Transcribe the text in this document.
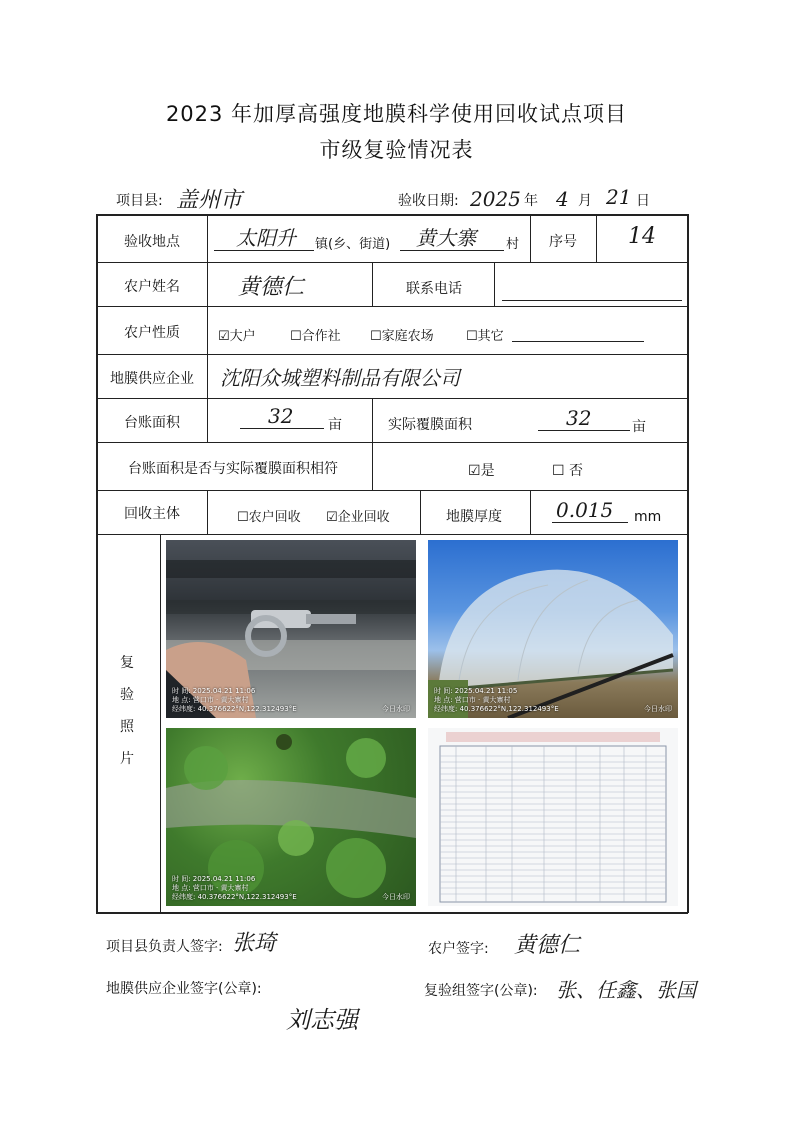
2023 年加厚高强度地膜科学使用回收试点项目
市级复验情况表
项目县: 盖州市	验收日期: 2025 年 4 月 21 日
验收地点	太阳升 镇(乡、街道) 黄大寨 村 序号 14
农户姓名	黄德仁	联系电话
农户性质	☑大户	☐合作社 ☐家庭农场 ☐其它
地膜供应企业 沈阳众城塑料制品有限公司
台账面积	32 亩	实际覆膜面积	32	亩
台账面积是否与实际覆膜面积相符	☑是	☐ 否
回收主体	☐农户回收 ☑企业回收	地膜厚度	0.015 mm
复
验
照
片
时 间: 2025.04.21 11:06
地 点: 营口市 · 黄大寨村
经纬度: 40.376622°N,122.312493°E	今日水印
时 间: 2025.04.21 11:05
地 点: 营口市 · 黄大寨村
经纬度: 40.376622°N,122.312493°E	今日水印
时 间: 2025.04.21 11:06
地 点: 营口市 · 黄大寨村
经纬度: 40.376622°N,122.312493°E	今日水印
项目县负责人签字: 张琦	农户签字: 黄德仁
地膜供应企业签字(公章):
刘志强
复验组签字(公章): 张、任鑫、张国
